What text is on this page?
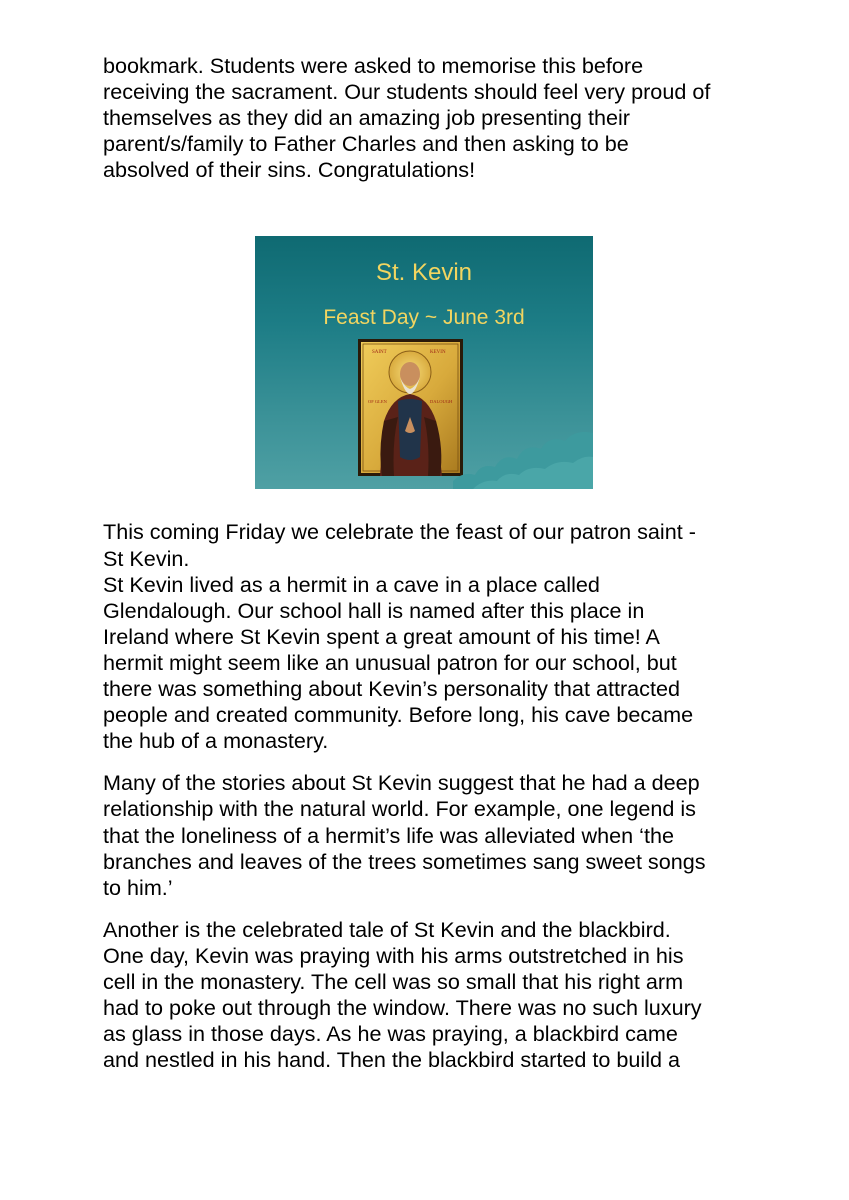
bookmark. Students were asked to memorise this before
receiving the sacrament. Our students should feel very proud of
themselves as they did an amazing job presenting their
parent/s/family to Father Charles and then asking to be
absolved of their sins. Congratulations!

St. Kevin
Feast Day ~ June 3rd
SAINT	KEVIN
OF GLEN	DALOUGH

This coming Friday we celebrate the feast of our patron saint -
St Kevin.
St Kevin lived as a hermit in a cave in a place called
Glendalough. Our school hall is named after this place in
Ireland where St Kevin spent a great amount of his time! A
hermit might seem like an unusual patron for our school, but
there was something about Kevin’s personality that attracted
people and created community. Before long, his cave became
the hub of a monastery.

Many of the stories about St Kevin suggest that he had a deep
relationship with the natural world. For example, one legend is
that the loneliness of a hermit’s life was alleviated when ‘the
branches and leaves of the trees sometimes sang sweet songs
to him.’

Another is the celebrated tale of St Kevin and the blackbird.
One day, Kevin was praying with his arms outstretched in his
cell in the monastery. The cell was so small that his right arm
had to poke out through the window. There was no such luxury
as glass in those days. As he was praying, a blackbird came
and nestled in his hand. Then the blackbird started to build a
